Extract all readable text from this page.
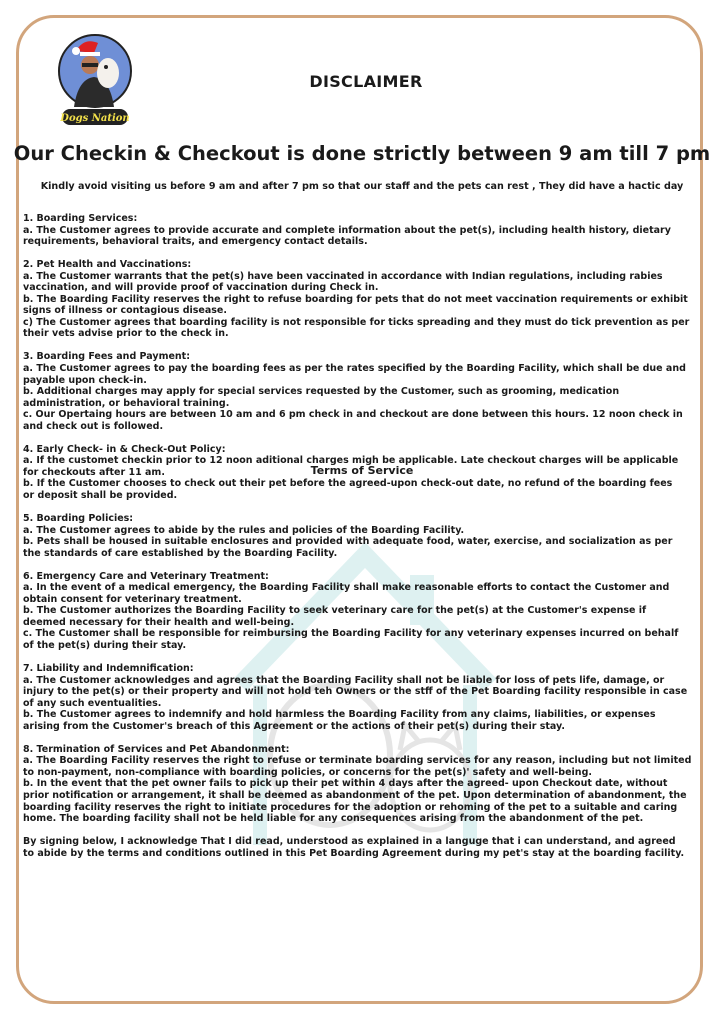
Dogs Nation
DISCLAIMER
Our Checkin & Checkout is done strictly between 9 am till 7 pm
Kindly avoid visiting us before 9 am and after 7 pm so that our staff and the pets can rest , They did have a hactic day
Terms of Service

1. Boarding Services:
a. The Customer agrees to provide accurate and complete information about the pet(s), including health history, dietary
requirements, behavioral traits, and emergency contact details.

2. Pet Health and Vaccinations:
a. The Customer warrants that the pet(s) have been vaccinated in accordance with Indian regulations, including rabies
vaccination, and will provide proof of vaccination during Check in.
b. The Boarding Facility reserves the right to refuse boarding for pets that do not meet vaccination requirements or exhibit
signs of illness or contagious disease.
c) The Customer agrees that boarding facility is not responsible for ticks spreading and they must do tick prevention as per
their vets advise prior to the check in.

3. Boarding Fees and Payment:
a. The Customer agrees to pay the boarding fees as per the rates specified by the Boarding Facility, which shall be due and
payable upon check-in.
b. Additional charges may apply for special services requested by the Customer, such as grooming, medication
administration, or behavioral training.
c. Our Opertaing hours are between 10 am and 6 pm check in and checkout are done between this hours. 12 noon check in
and check out is followed.

4. Early Check- in & Check-Out Policy:
a. If the customet checkin prior to 12 noon aditional charges migh be applicable. Late checkout charges will be applicable
for checkouts after 11 am.
b. If the Customer chooses to check out their pet before the agreed-upon check-out date, no refund of the boarding fees
or deposit shall be provided.

5. Boarding Policies:
a. The Customer agrees to abide by the rules and policies of the Boarding Facility.
b. Pets shall be housed in suitable enclosures and provided with adequate food, water, exercise, and socialization as per
the standards of care established by the Boarding Facility.

6. Emergency Care and Veterinary Treatment:
a. In the event of a medical emergency, the Boarding Facility shall make reasonable efforts to contact the Customer and
obtain consent for veterinary treatment.
b. The Customer authorizes the Boarding Facility to seek veterinary care for the pet(s) at the Customer's expense if
deemed necessary for their health and well-being.
c. The Customer shall be responsible for reimbursing the Boarding Facility for any veterinary expenses incurred on behalf
of the pet(s) during their stay.

7. Liability and Indemnification:
a. The Customer acknowledges and agrees that the Boarding Facility shall not be liable for loss of pets life, damage, or
injury to the pet(s) or their property and will not hold teh Owners or the stff of the Pet Boarding facility responsible in case
of any such eventualities.
b. The Customer agrees to indemnify and hold harmless the Boarding Facility from any claims, liabilities, or expenses
arising from the Customer's breach of this Agreement or the actions of their pet(s) during their stay.

8. Termination of Services and Pet Abandonment:
a. The Boarding Facility reserves the right to refuse or terminate boarding services for any reason, including but not limited
to non-payment, non-compliance with boarding policies, or concerns for the pet(s)' safety and well-being.
b. In the event that the pet owner fails to pick up their pet within 4 days after the agreed- upon Checkout date, without
prior notification or arrangement, it shall be deemed as abandonment of the pet. Upon determination of abandonment, the
boarding facility reserves the right to initiate procedures for the adoption or rehoming of the pet to a suitable and caring
home. The boarding facility shall not be held liable for any consequences arising from the abandonment of the pet.

By signing below, I acknowledge That I did read, understood as explained in a languge that i can understand, and agreed
to abide by the terms and conditions outlined in this Pet Boarding Agreement during my pet's stay at the boarding facility.
